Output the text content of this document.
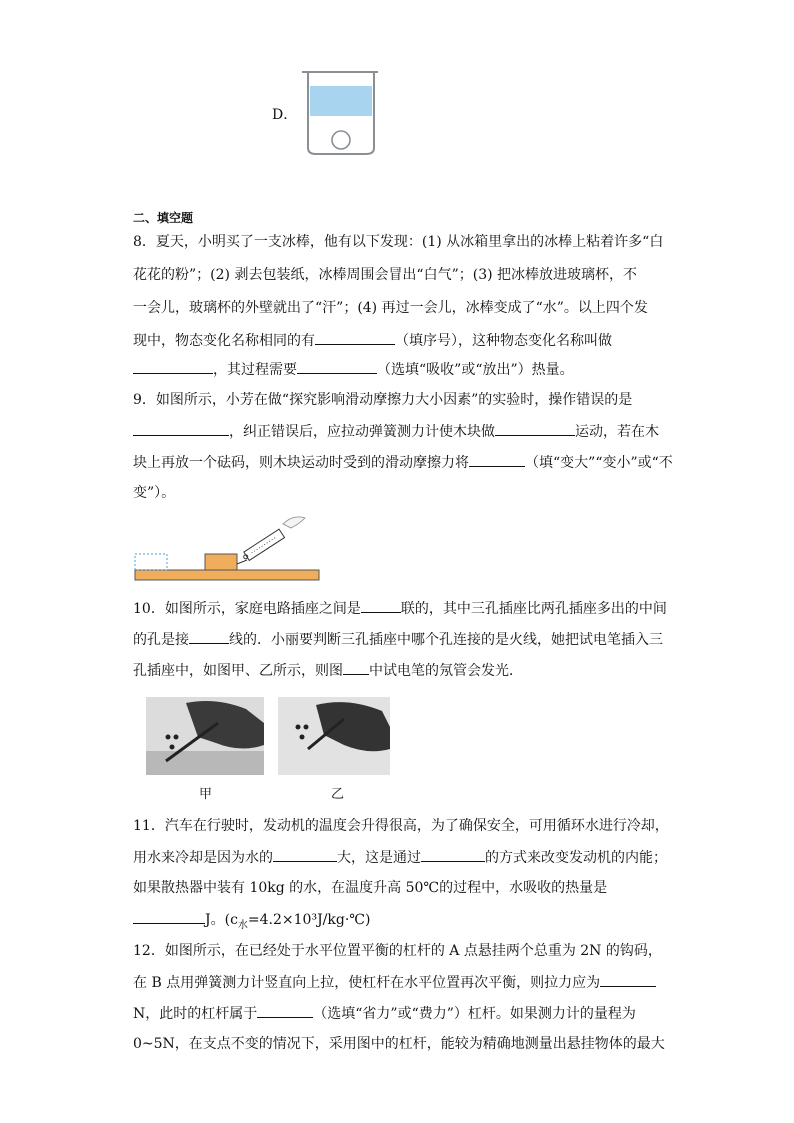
D．
二、填空题
8．夏天，小明买了一支冰棒，他有以下发现：(1) 从冰箱里拿出的冰棒上粘着许多“白
花花的粉”；(2) 剥去包装纸，冰棒周围会冒出“白气”；(3) 把冰棒放进玻璃杯，不
一会儿，玻璃杯的外壁就出了“汗”；(4) 再过一会儿，冰棒变成了“水”。以上四个发
现中，物态变化名称相同的有	（填序号），这种物态变化名称叫做
，其过程需要	（选填“吸收”或“放出”）热量。
9．如图所示，小芳在做“探究影响滑动摩擦力大小因素”的实验时，操作错误的是
，纠正错误后，应拉动弹簧测力计使木块做	运动，若在木
块上再放一个砝码，则木块运动时受到的滑动摩擦力将	（填“变大”“变小”或“不
变”）。
10．如图所示，家庭电路插座之间是	联的，其中三孔插座比两孔插座多出的中间
的孔是接	线的．小丽要判断三孔插座中哪个孔连接的是火线，她把试电笔插入三
孔插座中，如图甲、乙所示，则图 中试电笔的氖管会发光．
甲	乙
11．汽车在行驶时，发动机的温度会升得很高，为了确保安全，可用循环水进行冷却，
用水来冷却是因为水的	大，这是通过	的方式来改变发动机的内能；
如果散热器中装有 10kg 的水，在温度升高 50℃的过程中，水吸收的热量是
J。$(c_水=4.2\times 10^3J/kg\cdot℃)$
12．如图所示，在已经处于水平位置平衡的杠杆的 A 点悬挂两个总重为 2N 的钩码，
在 B 点用弹簧测力计竖直向上拉，使杠杆在水平位置再次平衡，则拉力应为
N，此时的杠杆属于	（选填“省力”或“费力”）杠杆。如果测力计的量程为
0~5N，在支点不变的情况下，采用图中的杠杆，能较为精确地测量出悬挂物体的最大
